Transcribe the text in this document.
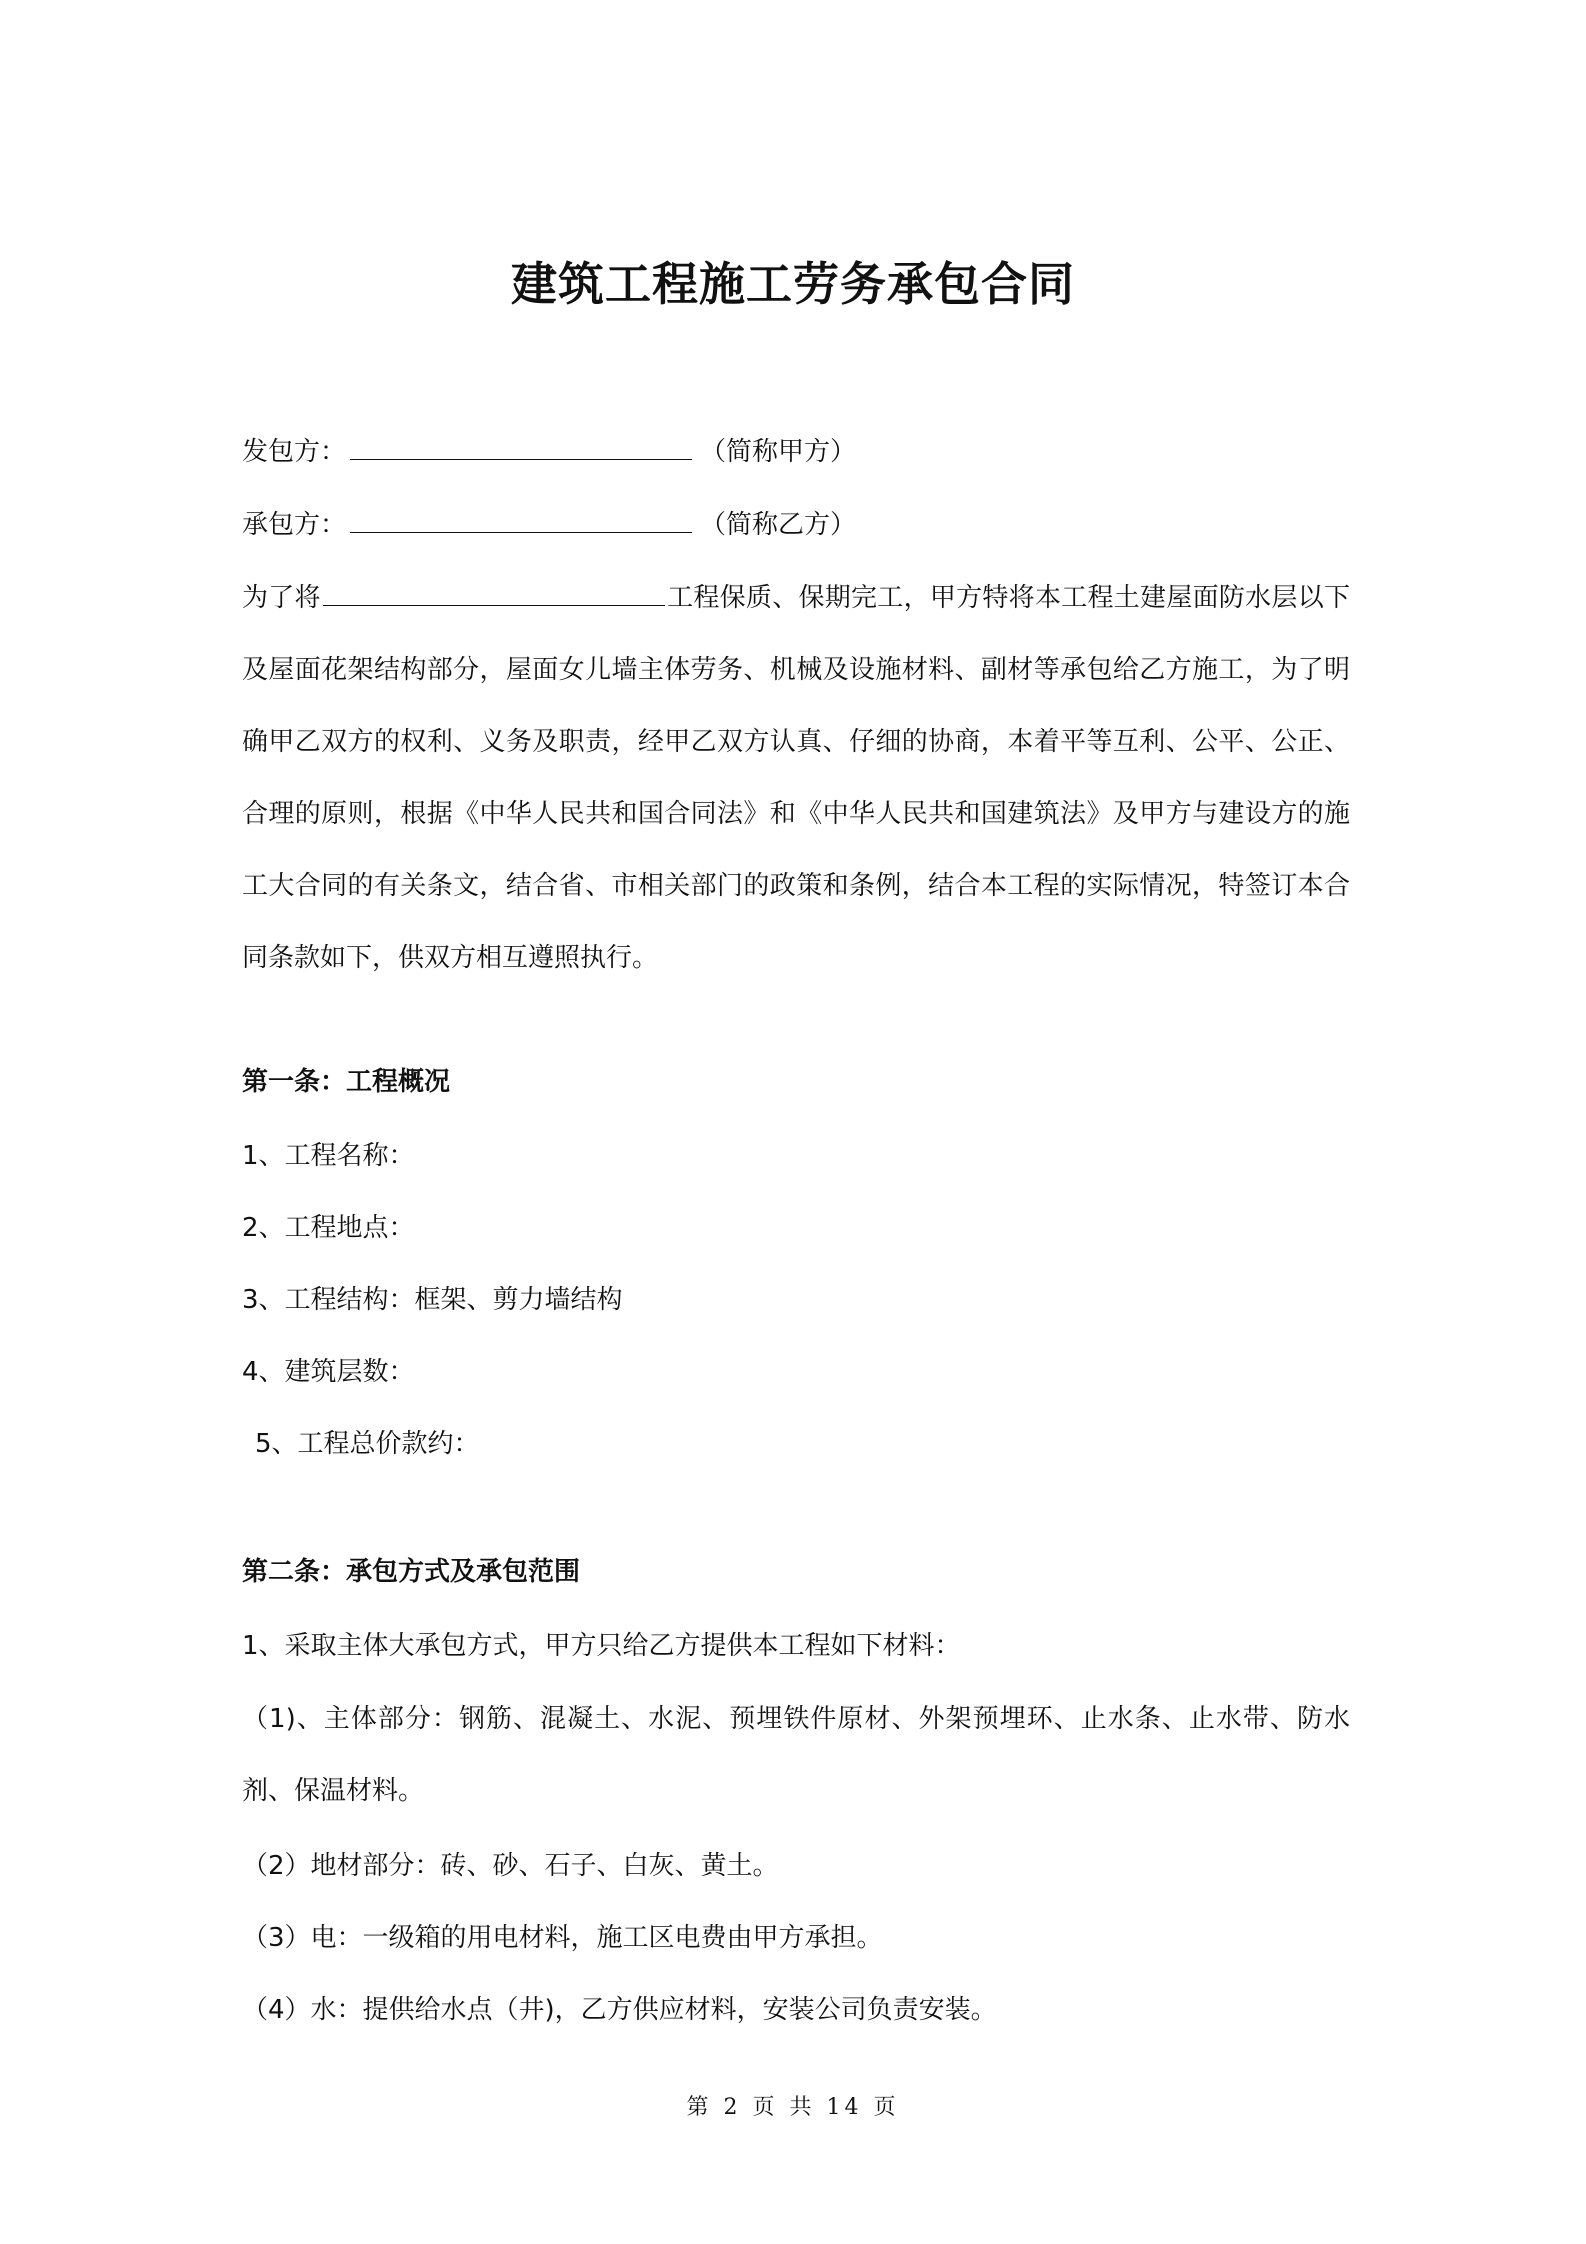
建筑工程施工劳务承包合同
发包方：	（简称甲方）
承包方：	（简称乙方）
为了将	工程保质、保期完工，甲方特将本工程土建屋面防水层以下及屋面花架结构部分，屋面女儿墙主体劳务、机械及设施材料、副材等承包给乙方施工，为了明确甲乙双方的权利、义务及职责，经甲乙双方认真、仔细的协商，本着平等互利、公平、公正、合理的原则，根据《中华人民共和国合同法》和《中华人民共和国建筑法》及甲方与建设方的施工大合同的有关条文，结合省、市相关部门的政策和条例，结合本工程的实际情况，特签订本合同条款如下，供双方相互遵照执行。
第一条：工程概况
1、工程名称：
2、工程地点：
3、工程结构：框架、剪力墙结构
4、建筑层数：
5、工程总价款约：
第二条：承包方式及承包范围
1、采取主体大承包方式，甲方只给乙方提供本工程如下材料：
（1)、主体部分：钢筋、混凝土、水泥、预埋铁件原材、外架预埋环、止水条、止水带、防水剂、保温材料。
（2）地材部分：砖、砂、石子、白灰、黄土。
（3）电：一级箱的用电材料，施工区电费由甲方承担。
（4）水：提供给水点（井)，乙方供应材料，安装公司负责安装。
第 2 页 共 14 页
